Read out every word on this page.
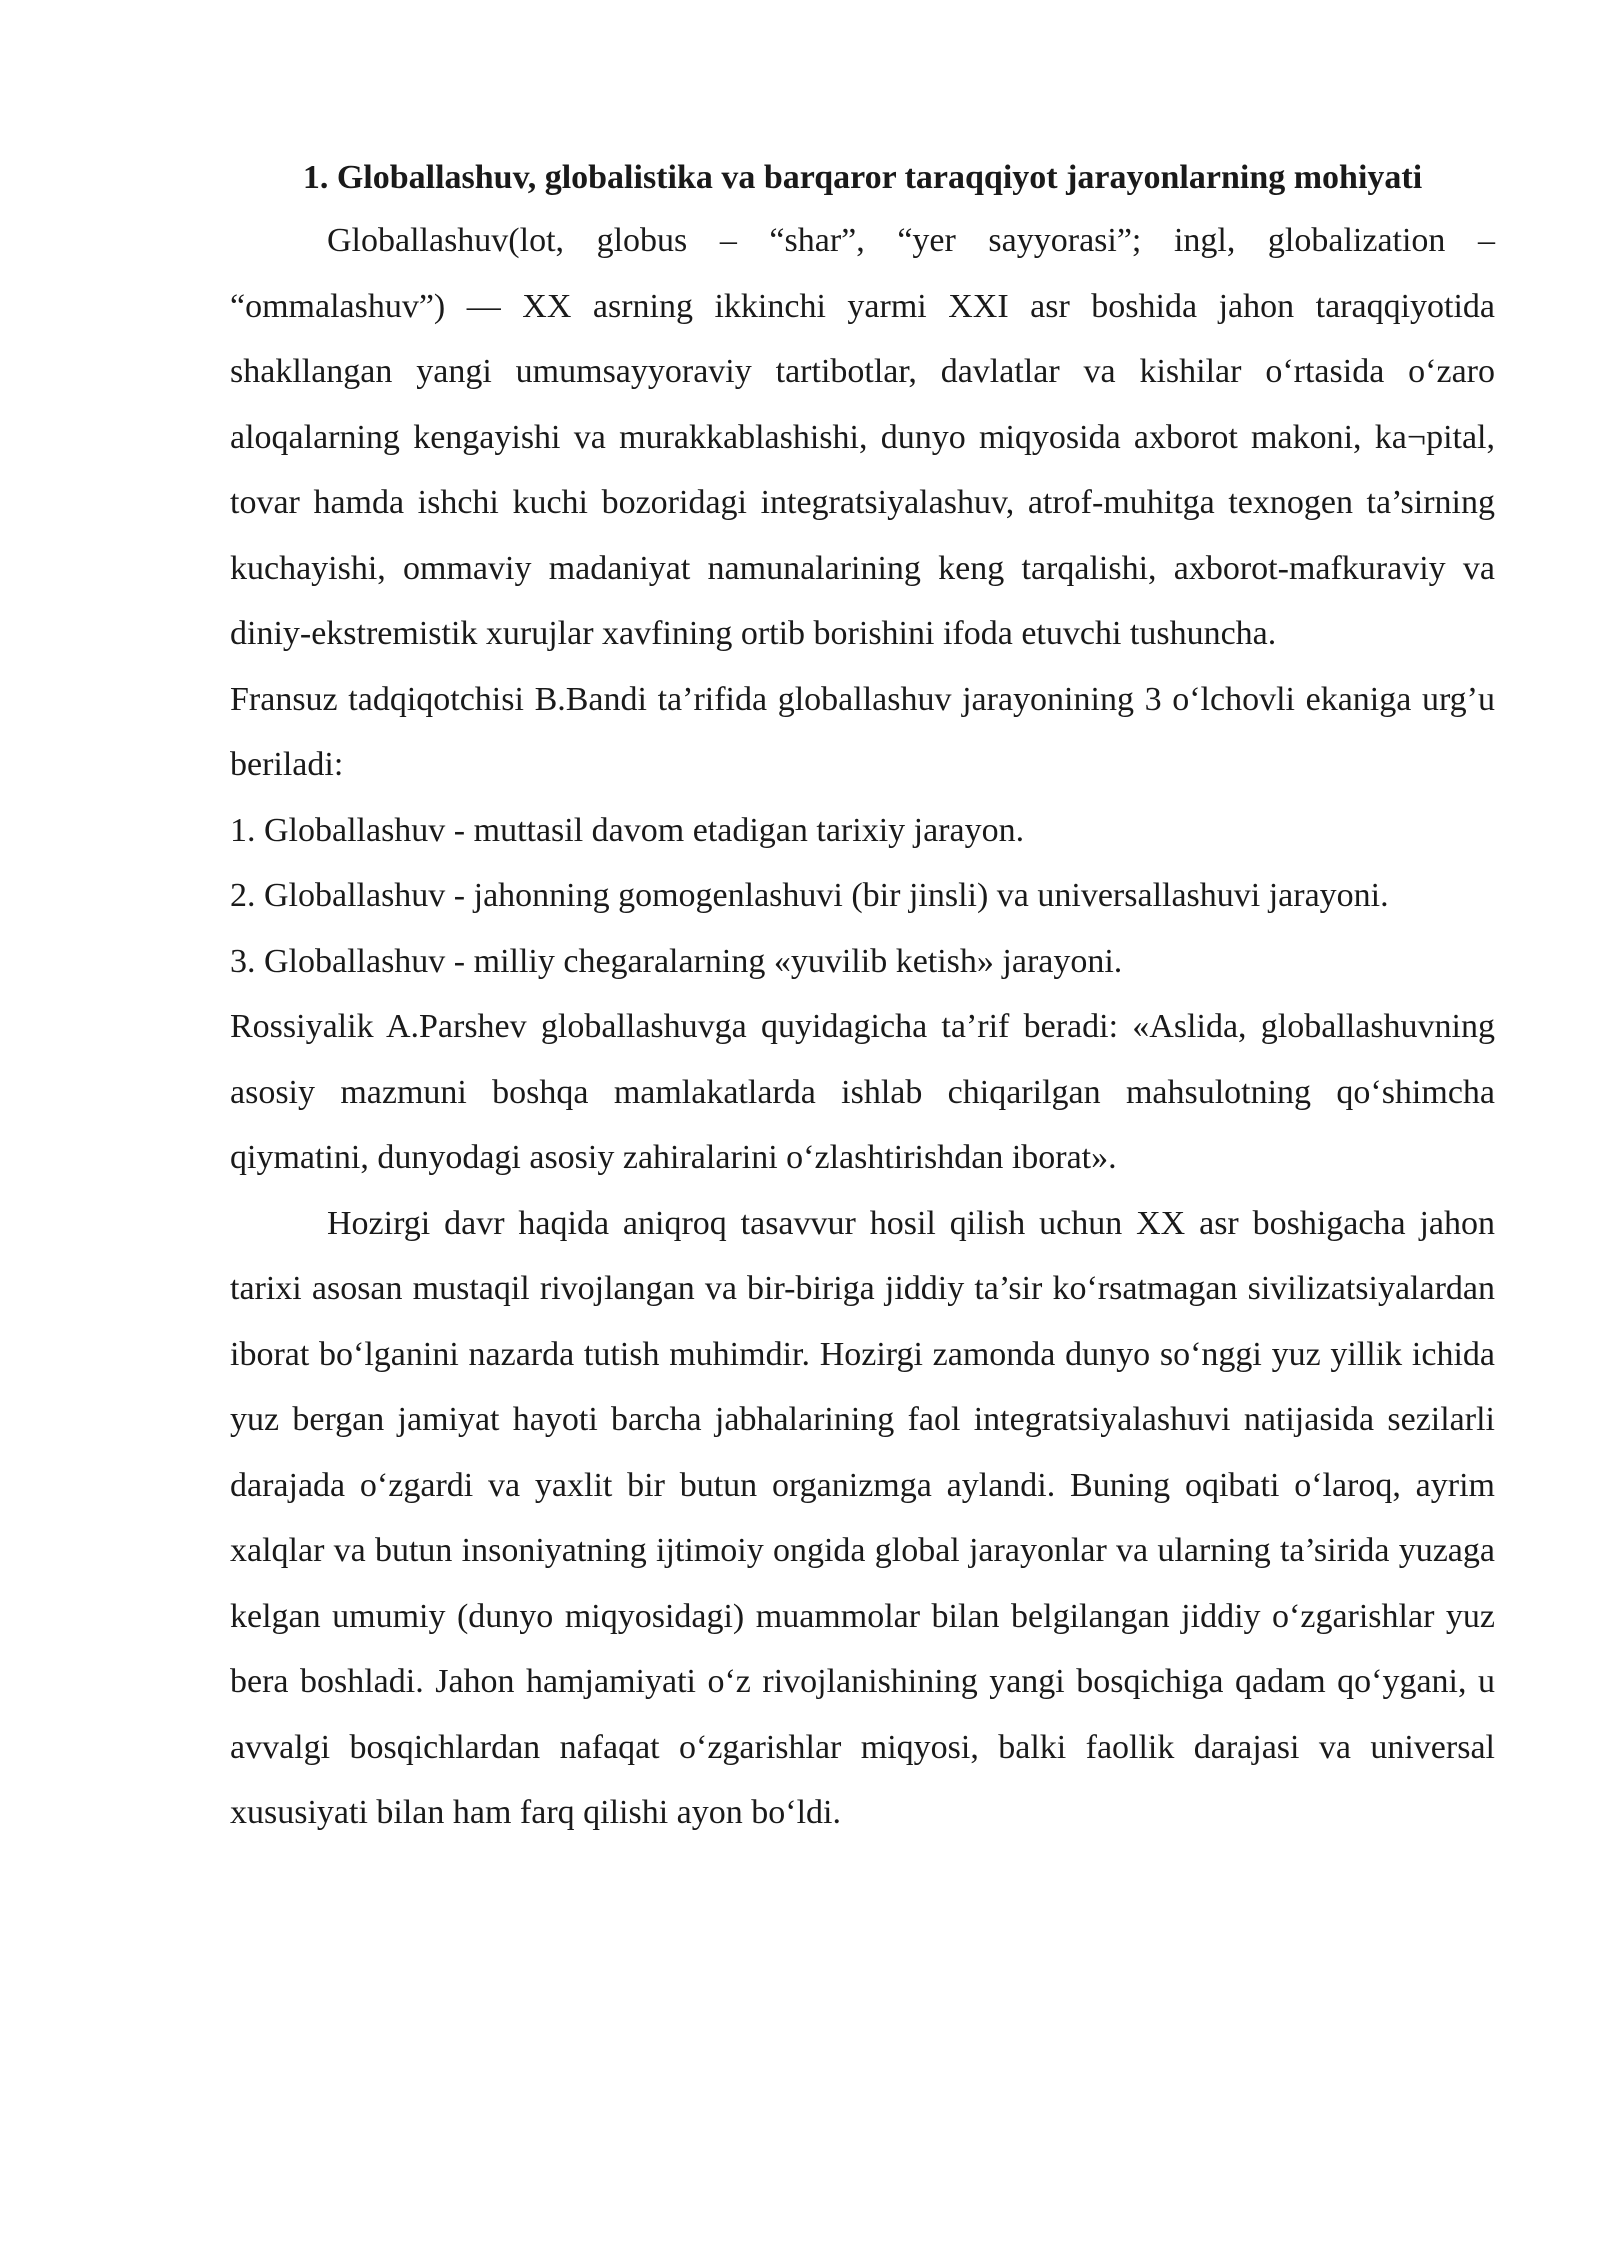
1. Globallashuv, globalistika va barqaror taraqqiyot jarayonlarning mohiyati

Globallashuv(lot, globus – “shar”, “yer sayyorasi”; ingl, globalization – “ommalashuv”) — XX asrning ikkinchi yarmi XXI asr boshida jahon taraqqiyotida shakllangan yangi umumsayyoraviy tartibotlar, davlatlar va kishilar oʻrtasida oʻzaro aloqalarning kengayishi va murakkablashishi, dunyo miqyosida axborot makoni, ka¬pital, tovar hamda ishchi kuchi bozoridagi integratsiyalashuv, atrof-muhitga texnogen ta’sirning kuchayishi, ommaviy madaniyat namunalarining keng tarqalishi, axborot-mafkuraviy va diniy-ekstremistik xurujlar xavfining ortib borishini ifoda etuvchi tushuncha.

Fransuz tadqiqotchisi B.Bandi ta’rifida globallashuv jarayonining 3 oʻlchovli ekaniga urg’u beriladi:

1. Globallashuv - muttasil davom etadigan tarixiy jarayon.

2. Globallashuv - jahonning gomogenlashuvi (bir jinsli) va universallashuvi jarayoni.

3. Globallashuv - milliy chegaralarning «yuvilib ketish» jarayoni.

Rossiyalik A.Parshev globallashuvga quyidagicha ta’rif beradi: «Aslida, globallashuvning asosiy mazmuni boshqa mamlakatlarda ishlab chiqarilgan mahsulotning qoʻshimcha qiymatini, dunyodagi asosiy zahiralarini oʻzlashtirishdan iborat».

Hozirgi davr haqida aniqroq tasavvur hosil qilish uchun XX asr boshigacha jahon tarixi asosan mustaqil rivojlangan va bir-biriga jiddiy ta’sir koʻrsatmagan sivilizatsiyalardan iborat boʻlganini nazarda tutish muhimdir. Hozirgi zamonda dunyo soʻnggi yuz yillik ichida yuz bergan jamiyat hayoti barcha jabhalarining faol integratsiyalashuvi natijasida sezilarli darajada oʻzgardi va yaxlit bir butun organizmga aylandi. Buning oqibati oʻlaroq, ayrim xalqlar va butun insoniyatning ijtimoiy ongida global jarayonlar va ularning ta’sirida yuzaga kelgan umumiy (dunyo miqyosidagi) muammolar bilan belgilangan jiddiy oʻzgarishlar yuz bera boshladi. Jahon hamjamiyati oʻz rivojlanishining yangi bosqichiga qadam qoʻygani, u avvalgi bosqichlardan nafaqat oʻzgarishlar miqyosi, balki faollik darajasi va universal xususiyati bilan ham farq qilishi ayon boʻldi.
